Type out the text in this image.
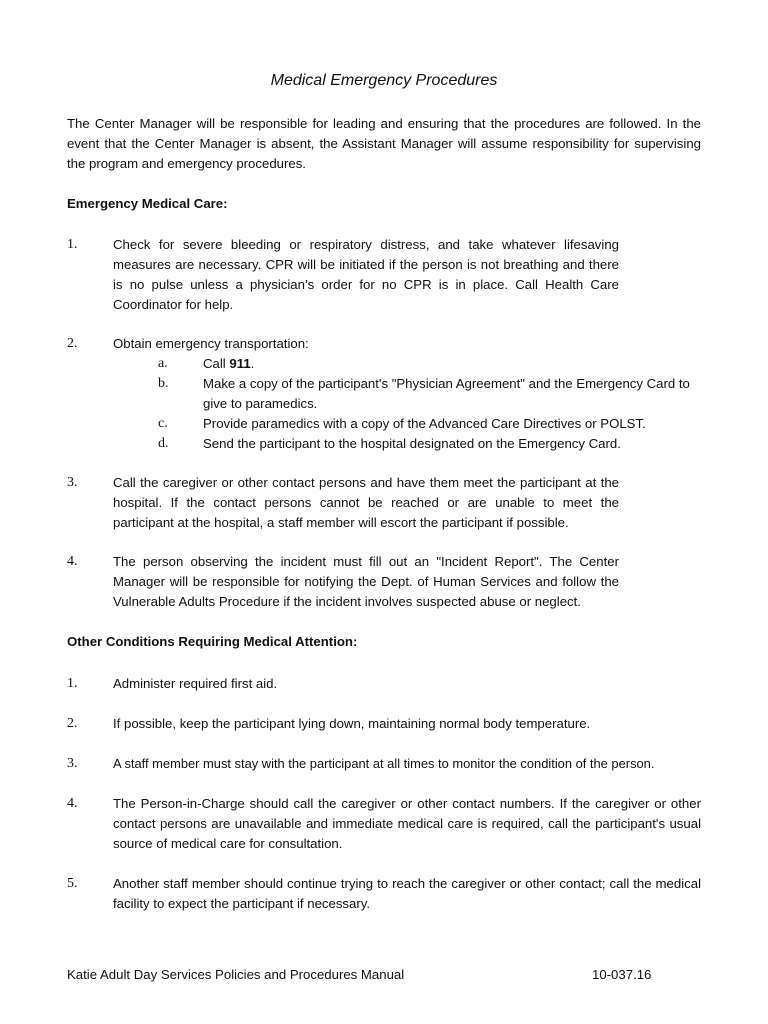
Medical Emergency Procedures
The Center Manager will be responsible for leading and ensuring that the procedures are followed. In the event that the Center Manager is absent, the Assistant Manager will assume responsibility for supervising the program and emergency procedures.
Emergency Medical Care:
1.	Check for severe bleeding or respiratory distress, and take whatever lifesaving measures are necessary. CPR will be initiated if the person is not breathing and there is no pulse unless a physician’s order for no CPR is in place. Call Health Care Coordinator for help.
2.	Obtain emergency transportation:
a.	Call 911.
b.	Make a copy of the participant's "Physician Agreement" and the Emergency Card to give to paramedics.
c.	Provide paramedics with a copy of the Advanced Care Directives or POLST.
d.	Send the participant to the hospital designated on the Emergency Card.
3.	Call the caregiver or other contact persons and have them meet the participant at the hospital. If the contact persons cannot be reached or are unable to meet the participant at the hospital, a staff member will escort the participant if possible.
4.	The person observing the incident must fill out an "Incident Report". The Center Manager will be responsible for notifying the Dept. of Human Services and follow the Vulnerable Adults Procedure if the incident involves suspected abuse or neglect.
Other Conditions Requiring Medical Attention:
1.	Administer required first aid.
2.	If possible, keep the participant lying down, maintaining normal body temperature.
3.	A staff member must stay with the participant at all times to monitor the condition of the person.
4.	The Person-in-Charge should call the caregiver or other contact numbers. If the caregiver or other contact persons are unavailable and immediate medical care is required, call the participant's usual source of medical care for consultation.
5.	Another staff member should continue trying to reach the caregiver or other contact; call the medical facility to expect the participant if necessary.
Katie Adult Day Services Policies and Procedures Manual	10-037.16
